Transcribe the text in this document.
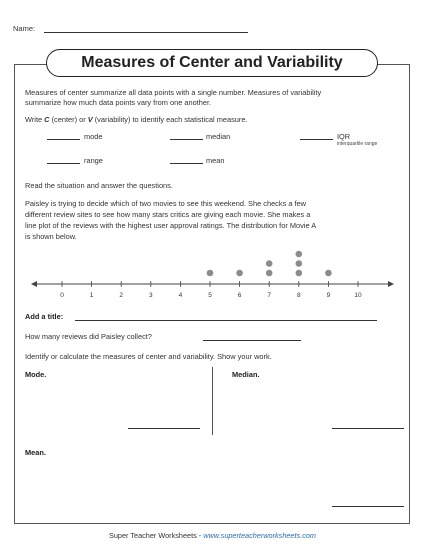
Name:
Measures of Center and Variability
Measures of center summarize all data points with a single number. Measures of variability
summarize how much data points vary from one another.
Write C (center) or V (variability) to identify each statistical measure.
mode	median	IQR
interquartile range
range	mean
Read the situation and answer the questions.
Paisley is trying to decide which of two movies to see this weekend. She checks a few
different review sites to see how many stars critics are giving each movie. She makes a
line plot of the reviews with the highest user approval ratings. The distribution for Movie A
is shown below.
0	1	2	3	4	5	6	7	8	9	10
Add a title:
How many reviews did Paisley collect?
Identify or calculate the measures of center and variability. Show your work.
Mode.	Median.
Mean.
Super Teacher Worksheets - www.superteacherworksheets.com
